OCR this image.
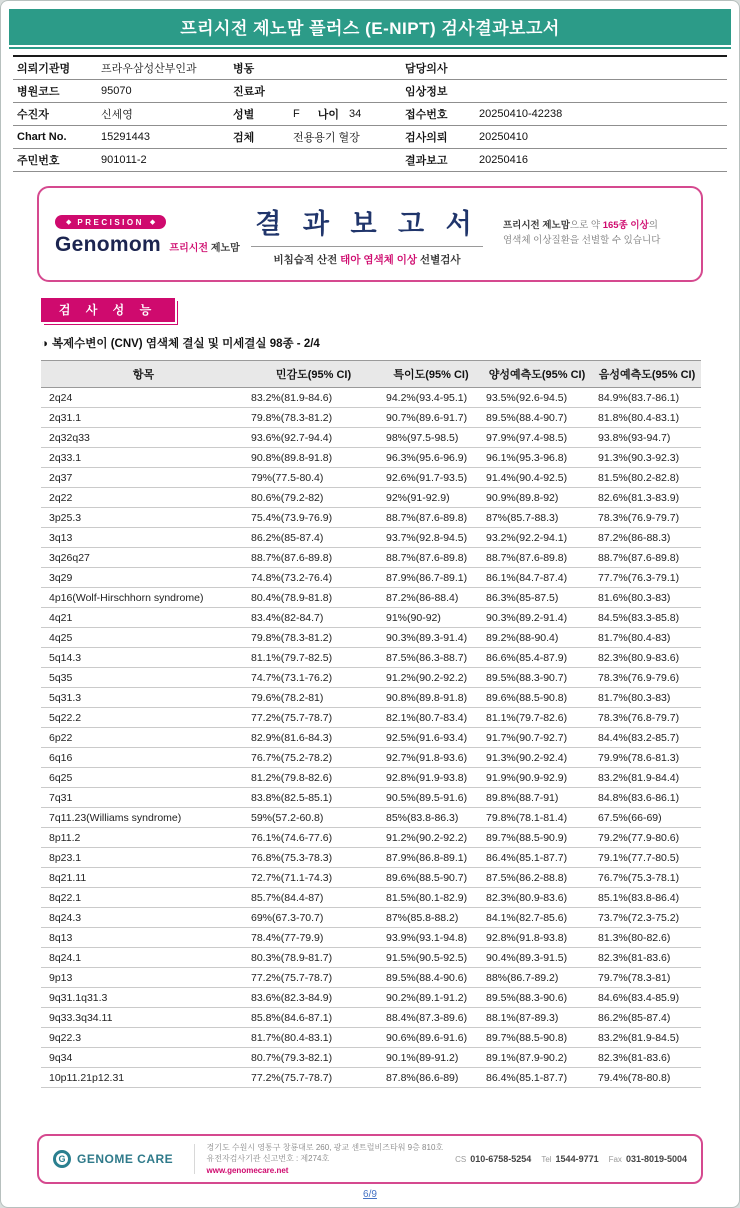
프리시전 제노맘 플러스 (E-NIPT) 검사결과보고서
의뢰기관명	프라우삼성산부인과	병동	담당의사
병원코드	95070	진료과	임상정보
수진자	신세영	성별	F 나이 34	접수번호	20250410-42238
Chart No.	15291443	검체	전용용기 혈장	검사의뢰	20250410
주민번호	901011-2	결과보고	20250416
◆ PRECISION ◆
Genomom 프리시전 제노맘
결 과 보 고 서
비침습적 산전 태아 염색체 이상 선별검사
프리시전 제노맘으로 약 165종 이상의
염색체 이상질환을 선별할 수 있습니다
검 사 성 능
◑ 복제수변이 (CNV) 염색체 결실 및 미세결실 98종 - 2/4
항목	민감도(95% CI)	특이도(95% CI)	양성예측도(95% CI)	음성예측도(95% CI)
2q24	83.2%(81.9-84.6)	94.2%(93.4-95.1)	93.5%(92.6-94.5)	84.9%(83.7-86.1)
2q31.1	79.8%(78.3-81.2)	90.7%(89.6-91.7)	89.5%(88.4-90.7)	81.8%(80.4-83.1)
2q32q33	93.6%(92.7-94.4)	98%(97.5-98.5)	97.9%(97.4-98.5)	93.8%(93-94.7)
2q33.1	90.8%(89.8-91.8)	96.3%(95.6-96.9)	96.1%(95.3-96.8)	91.3%(90.3-92.3)
2q37	79%(77.5-80.4)	92.6%(91.7-93.5)	91.4%(90.4-92.5)	81.5%(80.2-82.8)
2q22	80.6%(79.2-82)	92%(91-92.9)	90.9%(89.8-92)	82.6%(81.3-83.9)
3p25.3	75.4%(73.9-76.9)	88.7%(87.6-89.8)	87%(85.7-88.3)	78.3%(76.9-79.7)
3q13	86.2%(85-87.4)	93.7%(92.8-94.5)	93.2%(92.2-94.1)	87.2%(86-88.3)
3q26q27	88.7%(87.6-89.8)	88.7%(87.6-89.8)	88.7%(87.6-89.8)	88.7%(87.6-89.8)
3q29	74.8%(73.2-76.4)	87.9%(86.7-89.1)	86.1%(84.7-87.4)	77.7%(76.3-79.1)
4p16(Wolf-Hirschhorn syndrome)	80.4%(78.9-81.8)	87.2%(86-88.4)	86.3%(85-87.5)	81.6%(80.3-83)
4q21	83.4%(82-84.7)	91%(90-92)	90.3%(89.2-91.4)	84.5%(83.3-85.8)
4q25	79.8%(78.3-81.2)	90.3%(89.3-91.4)	89.2%(88-90.4)	81.7%(80.4-83)
5q14.3	81.1%(79.7-82.5)	87.5%(86.3-88.7)	86.6%(85.4-87.9)	82.3%(80.9-83.6)
5q35	74.7%(73.1-76.2)	91.2%(90.2-92.2)	89.5%(88.3-90.7)	78.3%(76.9-79.6)
5q31.3	79.6%(78.2-81)	90.8%(89.8-91.8)	89.6%(88.5-90.8)	81.7%(80.3-83)
5q22.2	77.2%(75.7-78.7)	82.1%(80.7-83.4)	81.1%(79.7-82.6)	78.3%(76.8-79.7)
6p22	82.9%(81.6-84.3)	92.5%(91.6-93.4)	91.7%(90.7-92.7)	84.4%(83.2-85.7)
6q16	76.7%(75.2-78.2)	92.7%(91.8-93.6)	91.3%(90.2-92.4)	79.9%(78.6-81.3)
6q25	81.2%(79.8-82.6)	92.8%(91.9-93.8)	91.9%(90.9-92.9)	83.2%(81.9-84.4)
7q31	83.8%(82.5-85.1)	90.5%(89.5-91.6)	89.8%(88.7-91)	84.8%(83.6-86.1)
7q11.23(Williams syndrome)	59%(57.2-60.8)	85%(83.8-86.3)	79.8%(78.1-81.4)	67.5%(66-69)
8p11.2	76.1%(74.6-77.6)	91.2%(90.2-92.2)	89.7%(88.5-90.9)	79.2%(77.9-80.6)
8p23.1	76.8%(75.3-78.3)	87.9%(86.8-89.1)	86.4%(85.1-87.7)	79.1%(77.7-80.5)
8q21.11	72.7%(71.1-74.3)	89.6%(88.5-90.7)	87.5%(86.2-88.8)	76.7%(75.3-78.1)
8q22.1	85.7%(84.4-87)	81.5%(80.1-82.9)	82.3%(80.9-83.6)	85.1%(83.8-86.4)
8q24.3	69%(67.3-70.7)	87%(85.8-88.2)	84.1%(82.7-85.6)	73.7%(72.3-75.2)
8q13	78.4%(77-79.9)	93.9%(93.1-94.8)	92.8%(91.8-93.8)	81.3%(80-82.6)
8q24.1	80.3%(78.9-81.7)	91.5%(90.5-92.5)	90.4%(89.3-91.5)	82.3%(81-83.6)
9p13	77.2%(75.7-78.7)	89.5%(88.4-90.6)	88%(86.7-89.2)	79.7%(78.3-81)
9q31.1q31.3	83.6%(82.3-84.9)	90.2%(89.1-91.2)	89.5%(88.3-90.6)	84.6%(83.4-85.9)
9q33.3q34.11	85.8%(84.6-87.1)	88.4%(87.3-89.6)	88.1%(87-89.3)	86.2%(85-87.4)
9q22.3	81.7%(80.4-83.1)	90.6%(89.6-91.6)	89.7%(88.5-90.8)	83.2%(81.9-84.5)
9q34	80.7%(79.3-82.1)	90.1%(89-91.2)	89.1%(87.9-90.2)	82.3%(81-83.6)
10p11.21p12.31	77.2%(75.7-78.7)	87.8%(86.6-89)	86.4%(85.1-87.7)	79.4%(78-80.8)
G GENOME CARE
경기도 수원시 영통구 창룡대로 260, 광교 센트럴비즈타워 9층 810호
유전자검사기관 신고번호 : 제274호
www.genomecare.net
CS 010-6758-5254 Tel 1544-9771 Fax 031-8019-5004
6/9
